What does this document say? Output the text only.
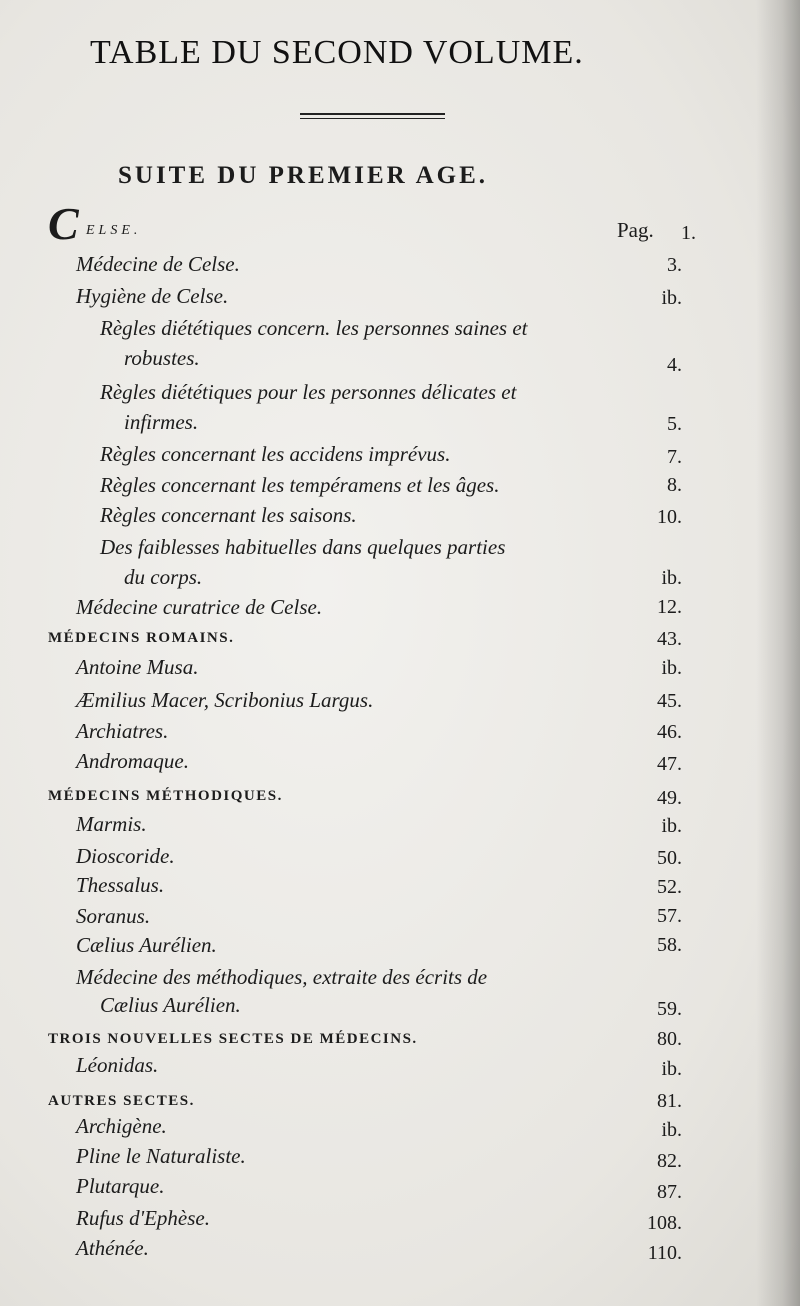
TABLE DU SECOND VOLUME.
SUITE DU PREMIER AGE.
C ELSE.	Pag. 1.
Médecine de Celse.	3.
Hygiène de Celse.	ib.
Règles diététiques concern. les personnes saines et
robustes.	4.
Règles diététiques pour les personnes délicates et
infirmes.	5.
Règles concernant les accidens imprévus.	7.
Règles concernant les tempéramens et les âges.	8.
Règles concernant les saisons.	10.
Des faiblesses habituelles dans quelques parties
du corps.	ib.
Médecine curatrice de Celse.	12.
MÉDECINS ROMAINS.	43.
Antoine Musa.	ib.
Æmilius Macer, Scribonius Largus.	45.
Archiatres.	46.
Andromaque.	47.
MÉDECINS MÉTHODIQUES.	49.
Marmis.	ib.
Dioscoride.	50.
Thessalus.	52.
Soranus.	57.
Cælius Aurélien.	58.
Médecine des méthodiques, extraite des écrits de
Cælius Aurélien.	59.
TROIS NOUVELLES SECTES DE MÉDECINS.	80.
Léonidas.	ib.
AUTRES SECTES.	81.
Archigène.	ib.
Pline le Naturaliste.	82.
Plutarque.	87.
Rufus d'Ephèse.	108.
Athénée.	110.
